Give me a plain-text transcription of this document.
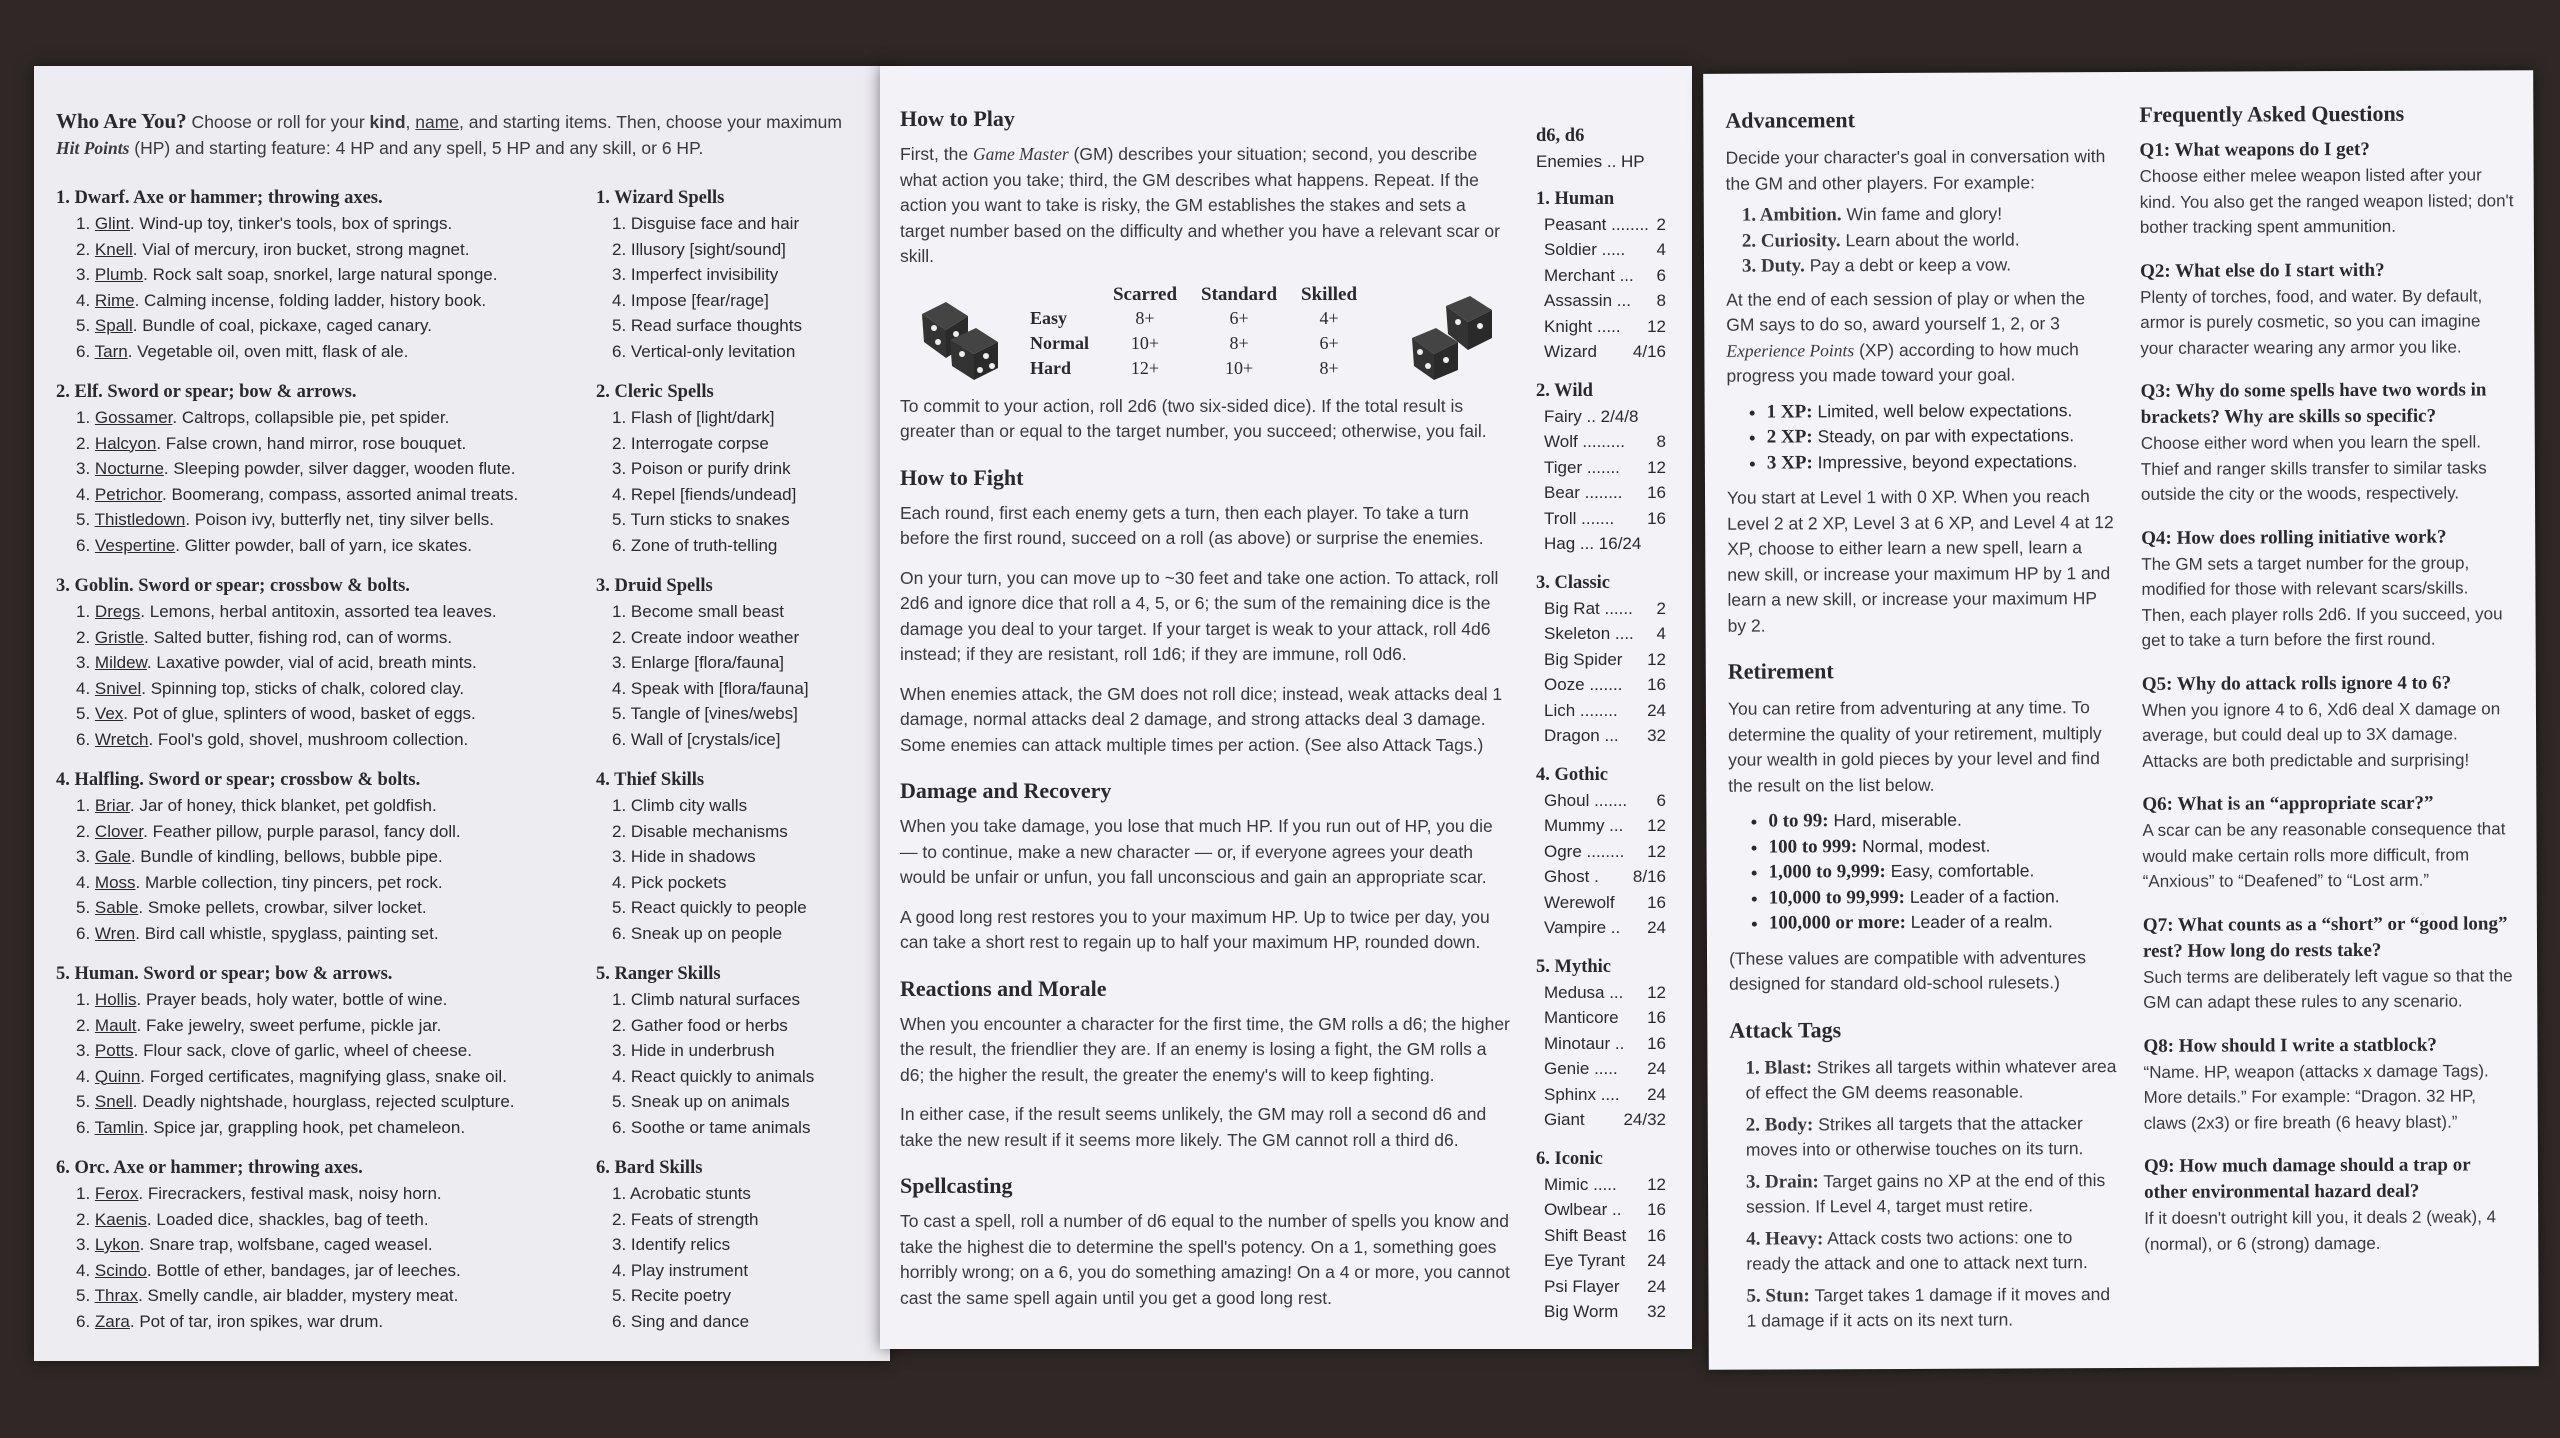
Who Are You? Choose or roll for your kind, name, and starting items. Then, choose your maximum Hit Points (HP) and starting feature: 4 HP and any spell, 5 HP and any skill, or 6 HP.
1. Dwarf. Axe or hammer; throwing axes.
1. Glint. Wind-up toy, tinker's tools, box of springs.
2. Knell. Vial of mercury, iron bucket, strong magnet.
3. Plumb. Rock salt soap, snorkel, large natural sponge.
4. Rime. Calming incense, folding ladder, history book.
5. Spall. Bundle of coal, pickaxe, caged canary.
6. Tarn. Vegetable oil, oven mitt, flask of ale.
2. Elf. Sword or spear; bow & arrows.
1. Gossamer. Caltrops, collapsible pie, pet spider.
2. Halcyon. False crown, hand mirror, rose bouquet.
3. Nocturne. Sleeping powder, silver dagger, wooden flute.
4. Petrichor. Boomerang, compass, assorted animal treats.
5. Thistledown. Poison ivy, butterfly net, tiny silver bells.
6. Vespertine. Glitter powder, ball of yarn, ice skates.
3. Goblin. Sword or spear; crossbow & bolts.
1. Dregs. Lemons, herbal antitoxin, assorted tea leaves.
2. Gristle. Salted butter, fishing rod, can of worms.
3. Mildew. Laxative powder, vial of acid, breath mints.
4. Snivel. Spinning top, sticks of chalk, colored clay.
5. Vex. Pot of glue, splinters of wood, basket of eggs.
6. Wretch. Fool's gold, shovel, mushroom collection.
4. Halfling. Sword or spear; crossbow & bolts.
1. Briar. Jar of honey, thick blanket, pet goldfish.
2. Clover. Feather pillow, purple parasol, fancy doll.
3. Gale. Bundle of kindling, bellows, bubble pipe.
4. Moss. Marble collection, tiny pincers, pet rock.
5. Sable. Smoke pellets, crowbar, silver locket.
6. Wren. Bird call whistle, spyglass, painting set.
5. Human. Sword or spear; bow & arrows.
1. Hollis. Prayer beads, holy water, bottle of wine.
2. Mault. Fake jewelry, sweet perfume, pickle jar.
3. Potts. Flour sack, clove of garlic, wheel of cheese.
4. Quinn. Forged certificates, magnifying glass, snake oil.
5. Snell. Deadly nightshade, hourglass, rejected sculpture.
6. Tamlin. Spice jar, grappling hook, pet chameleon.
6. Orc. Axe or hammer; throwing axes.
1. Ferox. Firecrackers, festival mask, noisy horn.
2. Kaenis. Loaded dice, shackles, bag of teeth.
3. Lykon. Snare trap, wolfsbane, caged weasel.
4. Scindo. Bottle of ether, bandages, jar of leeches.
5. Thrax. Smelly candle, air bladder, mystery meat.
6. Zara. Pot of tar, iron spikes, war drum.
1. Wizard Spells
1. Disguise face and hair
2. Illusory [sight/sound]
3. Imperfect invisibility
4. Impose [fear/rage]
5. Read surface thoughts
6. Vertical-only levitation
2. Cleric Spells
1. Flash of [light/dark]
2. Interrogate corpse
3. Poison or purify drink
4. Repel [fiends/undead]
5. Turn sticks to snakes
6. Zone of truth-telling
3. Druid Spells
1. Become small beast
2. Create indoor weather
3. Enlarge [flora/fauna]
4. Speak with [flora/fauna]
5. Tangle of [vines/webs]
6. Wall of [crystals/ice]
4. Thief Skills
1. Climb city walls
2. Disable mechanisms
3. Hide in shadows
4. Pick pockets
5. React quickly to people
6. Sneak up on people
5. Ranger Skills
1. Climb natural surfaces
2. Gather food or herbs
3. Hide in underbrush
4. React quickly to animals
5. Sneak up on animals
6. Soothe or tame animals
6. Bard Skills
1. Acrobatic stunts
2. Feats of strength
3. Identify relics
4. Play instrument
5. Recite poetry
6. Sing and dance
How to Play
First, the Game Master (GM) describes your situation; second, you describe what action you take; third, the GM describes what happens. Repeat. If the action you want to take is risky, the GM establishes the stakes and sets a target number based on the difficulty and whether you have a relevant scar or skill.
	Scarred	Standard	Skilled
Easy	8+	6+	4+
Normal	10+	8+	6+
Hard	12+	10+	8+
To commit to your action, roll 2d6 (two six-sided dice). If the total result is greater than or equal to the target number, you succeed; otherwise, you fail.
How to Fight
Each round, first each enemy gets a turn, then each player. To take a turn before the first round, succeed on a roll (as above) or surprise the enemies.
On your turn, you can move up to ~30 feet and take one action. To attack, roll 2d6 and ignore dice that roll a 4, 5, or 6; the sum of the remaining dice is the damage you deal to your target. If your target is weak to your attack, roll 4d6 instead; if they are resistant, roll 1d6; if they are immune, roll 0d6.
When enemies attack, the GM does not roll dice; instead, weak attacks deal 1 damage, normal attacks deal 2 damage, and strong attacks deal 3 damage. Some enemies can attack multiple times per action. (See also Attack Tags.)
Damage and Recovery
When you take damage, you lose that much HP. If you run out of HP, you die — to continue, make a new character — or, if everyone agrees your death would be unfair or unfun, you fall unconscious and gain an appropriate scar.
A good long rest restores you to your maximum HP. Up to twice per day, you can take a short rest to regain up to half your maximum HP, rounded down.
Reactions and Morale
When you encounter a character for the first time, the GM rolls a d6; the higher the result, the friendlier they are. If an enemy is losing a fight, the GM rolls a d6; the higher the result, the greater the enemy's will to keep fighting.
In either case, if the result seems unlikely, the GM may roll a second d6 and take the new result if it seems more likely. The GM cannot roll a third d6.
Spellcasting
To cast a spell, roll a number of d6 equal to the number of spells you know and take the highest die to determine the spell's potency. On a 1, something goes horribly wrong; on a 6, you do something amazing! On a 4 or more, you cannot cast the same spell again until you get a good long rest.
d6, d6
Enemies .. HP
1. Human
Peasant ........ 2
Soldier ..... 4
Merchant ... 6
Assassin ... 8
Knight ..... 12
Wizard 4/16
2. Wild
Fairy .. 2/4/8
Wolf ......... 8
Tiger ....... 12
Bear ........ 16
Troll ....... 16
Hag ... 16/24
3. Classic
Big Rat ...... 2
Skeleton .... 4
Big Spider 12
Ooze ....... 16
Lich ........ 24
Dragon ... 32
4. Gothic
Ghoul ....... 6
Mummy ... 12
Ogre ........ 12
Ghost . 8/16
Werewolf 16
Vampire .. 24
5. Mythic
Medusa ... 12
Manticore 16
Minotaur .. 16
Genie ..... 24
Sphinx .... 24
Giant 24/32
6. Iconic
Mimic ..... 12
Owlbear .. 16
Shift Beast 16
Eye Tyrant 24
Psi Flayer 24
Big Worm 32
Advancement
Decide your character's goal in conversation with the GM and other players. For example:
1. Ambition. Win fame and glory!
2. Curiosity. Learn about the world.
3. Duty. Pay a debt or keep a vow.
At the end of each session of play or when the GM says to do so, award yourself 1, 2, or 3 Experience Points (XP) according to how much progress you made toward your goal.
• 1 XP: Limited, well below expectations.
• 2 XP: Steady, on par with expectations.
• 3 XP: Impressive, beyond expectations.
You start at Level 1 with 0 XP. When you reach Level 2 at 2 XP, Level 3 at 6 XP, and Level 4 at 12 XP, choose to either learn a new spell, learn a new skill, or increase your maximum HP by 1 and learn a new skill, or increase your maximum HP by 2.
Retirement
You can retire from adventuring at any time. To determine the quality of your retirement, multiply your wealth in gold pieces by your level and find the result on the list below.
• 0 to 99: Hard, miserable.
• 100 to 999: Normal, modest.
• 1,000 to 9,999: Easy, comfortable.
• 10,000 to 99,999: Leader of a faction.
• 100,000 or more: Leader of a realm.
(These values are compatible with adventures designed for standard old-school rulesets.)
Attack Tags
1. Blast: Strikes all targets within whatever area of effect the GM deems reasonable.
2. Body: Strikes all targets that the attacker moves into or otherwise touches on its turn.
3. Drain: Target gains no XP at the end of this session. If Level 4, target must retire.
4. Heavy: Attack costs two actions: one to ready the attack and one to attack next turn.
5. Stun: Target takes 1 damage if it moves and 1 damage if it acts on its next turn.
Frequently Asked Questions
Q1: What weapons do I get?

Choose either melee weapon listed after your kind. You also get the ranged weapon listed; don't bother tracking spent ammunition.

Q2: What else do I start with?

Plenty of torches, food, and water. By default, armor is purely cosmetic, so you can imagine your character wearing any armor you like.

Q3: Why do some spells have two words in brackets? Why are skills so specific?

Choose either word when you learn the spell. Thief and ranger skills transfer to similar tasks outside the city or the woods, respectively.

Q4: How does rolling initiative work?

The GM sets a target number for the group, modified for those with relevant scars/skills. Then, each player rolls 2d6. If you succeed, you get to take a turn before the first round.

Q5: Why do attack rolls ignore 4 to 6?

When you ignore 4 to 6, Xd6 deal X damage on average, but could deal up to 3X damage. Attacks are both predictable and surprising!

Q6: What is an “appropriate scar?”

A scar can be any reasonable consequence that would make certain rolls more difficult, from “Anxious” to “Deafened” to “Lost arm.”

Q7: What counts as a “short” or “good long” rest? How long do rests take?

Such terms are deliberately left vague so that the GM can adapt these rules to any scenario.

Q8: How should I write a statblock?

“Name. HP, weapon (attacks x damage Tags). More details.” For example: “Dragon. 32 HP, claws (2x3) or fire breath (6 heavy blast).”

Q9: How much damage should a trap or other environmental hazard deal?

If it doesn't outright kill you, it deals 2 (weak), 4 (normal), or 6 (strong) damage.
